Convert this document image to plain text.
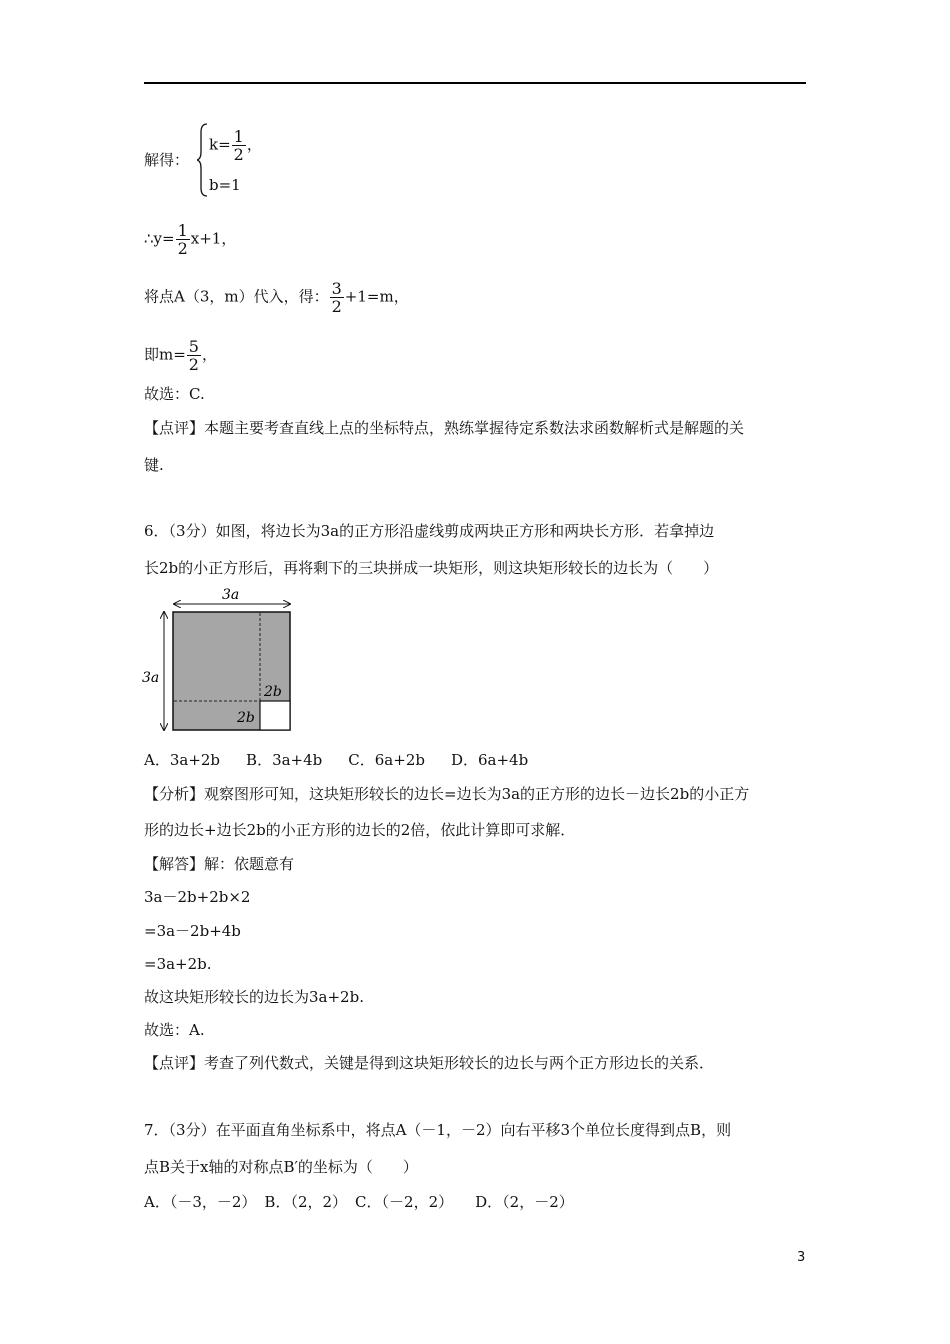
解得：
$k= \frac{1}{2}$ ，
b=1
∴y= $\frac{1}{2} x+1$，
将点A（3，m）代入，得： $\frac{3}{2} +1=m$，
即$m= \frac{5}{2}$ ，
故选：C.
【点评】本题主要考查直线上点的坐标特点，熟练掌握待定系数法求函数解析式是解题的关
键.
6．（3分）如图，将边长为3a的正方形沿虚线剪成两块正方形和两块长方形．若拿掉边
长2b的小正方形后，再将剩下的三块拼成一块矩形，则这块矩形较长的边长为（　　）
3a
3a
2b
2b
A．3a+2b B．3a+4b C．6a+2b D．6a+4b
【分析】观察图形可知，这块矩形较长的边长=边长为3a的正方形的边长－边长2b的小正方
形的边长+边长2b的小正方形的边长的2倍，依此计算即可求解．
【解答】解：依题意有
3a－2b+2b×2
=3a－2b+4b
=3a+2b.
故这块矩形较长的边长为3a+2b.
故选：A.
【点评】考查了列代数式，关键是得到这块矩形较长的边长与两个正方形边长的关系．
7．（3分）在平面直角坐标系中，将点A（－1，－2）向右平移3个单位长度得到点B，则
点B关于x轴的对称点B′的坐标为（　　）
A．（－3，－2） B．（2，2） C．（－2，2） D．（2，－2）
3
